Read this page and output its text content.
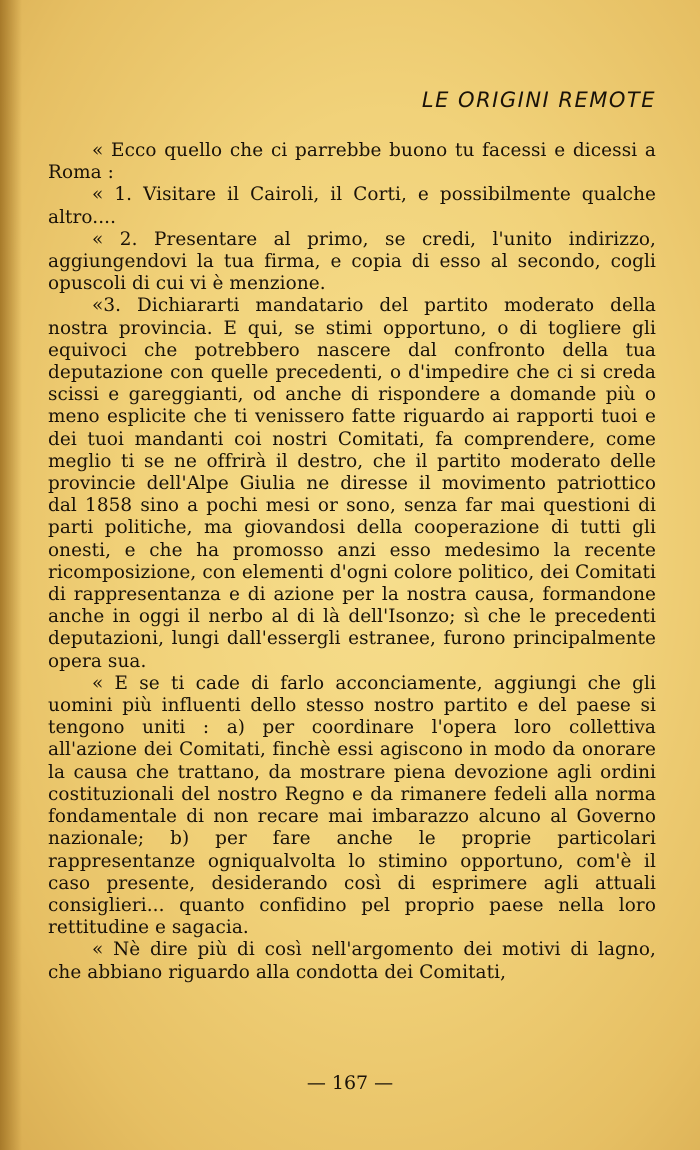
LE ORIGINI REMOTE

« Ecco quello che ci parrebbe buono tu facessi e dicessi a Roma :

« 1. Visitare il Cairoli, il Corti, e possibilmente qualche altro....

« 2. Presentare al primo, se credi, l'unito indirizzo, aggiungendovi la tua firma, e copia di esso al secondo, cogli opuscoli di cui vi è menzione.

«3. Dichiararti mandatario del partito moderato della nostra provincia. E qui, se stimi opportuno, o di togliere gli equivoci che potrebbero nascere dal confronto della tua deputazione con quelle precedenti, o d'impedire che ci si creda scissi e gareggianti, od anche di rispondere a domande più o meno esplicite che ti venissero fatte riguardo ai rapporti tuoi e dei tuoi mandanti coi nostri Comitati, fa comprendere, come meglio ti se ne offrirà il destro, che il partito moderato delle provincie dell'Alpe Giulia ne diresse il movimento patriottico dal 1858 sino a pochi mesi or sono, senza far mai questioni di parti politiche, ma giovandosi della cooperazione di tutti gli onesti, e che ha promosso anzi esso medesimo la recente ricomposizione, con elementi d'ogni colore politico, dei Comitati di rappresentanza e di azione per la nostra causa, formandone anche in oggi il nerbo al di là dell'Isonzo; sì che le precedenti deputazioni, lungi dall'essergli estranee, furono principalmente opera sua.

« E se ti cade di farlo acconciamente, aggiungi che gli uomini più influenti dello stesso nostro partito e del paese si tengono uniti : a) per coordinare l'opera loro collettiva all'azione dei Comitati, finchè essi agiscono in modo da onorare la causa che trattano, da mostrare piena devozione agli ordini costituzionali del nostro Regno e da rimanere fedeli alla norma fondamentale di non recare mai imbarazzo alcuno al Governo nazionale; b) per fare anche le proprie particolari rappresentanze ogniqualvolta lo stimino opportuno, com'è il caso presente, desiderando così di esprimere agli attuali consiglieri... quanto confidino pel proprio paese nella loro rettitudine e sagacia.

« Nè dire più di così nell'argomento dei motivi di lagno, che abbiano riguardo alla condotta dei Comitati,

— 167 —
